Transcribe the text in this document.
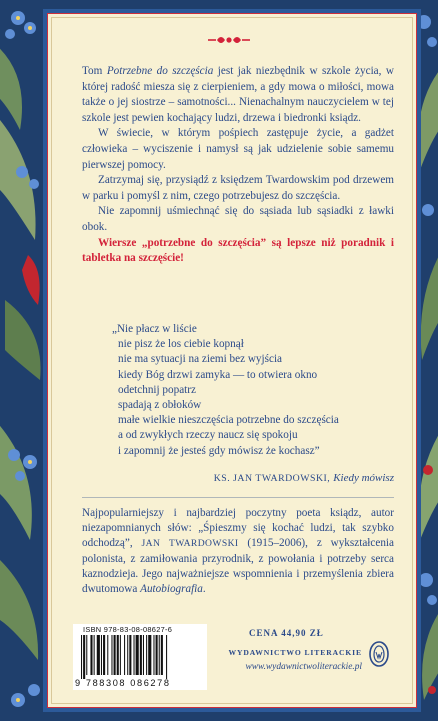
Tom Potrzebne do szczęścia jest jak niezbędnik w szkole życia, w której radość miesza się z cierpieniem, a gdy mowa o miłości, mowa także o jej siostrze – samotności... Nienachalnym nauczycielem w tej szkole jest pewien kochający ludzi, drzewa i biedronki ksiądz.

W świecie, w którym pośpiech zastępuje życie, a gadżet człowieka – wyciszenie i namysł są jak udzielenie sobie samemu pierwszej pomocy.

Zatrzymaj się, przysiądź z księdzem Twardowskim pod drzewem w parku i pomyśl z nim, czego potrzebujesz do szczęścia.

Nie zapomnij uśmiechnąć się do sąsiada lub sąsiadki z ławki obok.

Wiersze „potrzebne do szczęścia” są lepsze niż poradnik i tabletka na szczęście!

„Nie płacz w liście
nie pisz że los ciebie kopnął
nie ma sytuacji na ziemi bez wyjścia
kiedy Bóg drzwi zamyka — to otwiera okno
odetchnij popatrz
spadają z obłoków
małe wielkie nieszczęścia potrzebne do szczęścia
a od zwykłych rzeczy naucz się spokoju
i zapomnij że jesteś gdy mówisz że kochasz”
KS. JAN TWARDOWSKI, Kiedy mówisz
Najpopularniejszy i najbardziej poczytny poeta ksiądz, autor niezapomnianych słów: „Śpieszmy się kochać ludzi, tak szybko odchodzą”, JAN TWARDOWSKI (1915–2006), z wykształcenia polonista, z zamiłowania przyrodnik, z powołania i potrzeby serca kaznodzieja. Jego najważniejsze wspomnienia i przemyślenia zbiera dwutomowa Autobiografia.
ISBN 978-83-08-08627-6
9 788308 086278
CENA 44,90 ZŁ
WYDAWNICTWO LITERACKIE
www.wydawnictwoliterackie.pl
